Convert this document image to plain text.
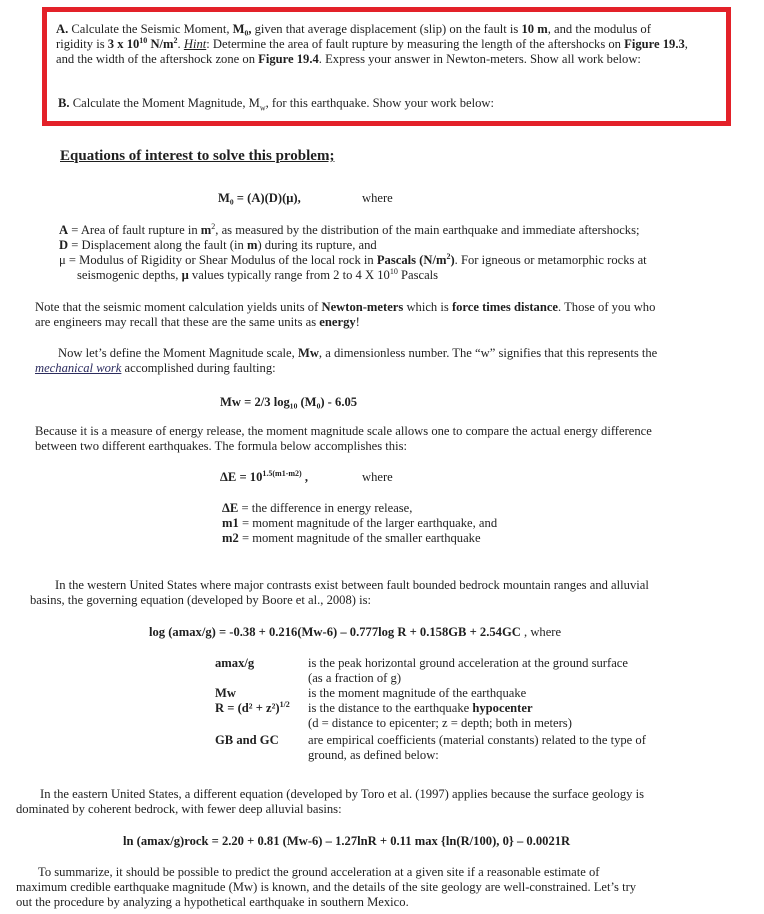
A. Calculate the Seismic Moment, M₀, given that average displacement (slip) on the fault is 10 m, and the modulus of
rigidity is 3 x $10^{10}$ $N/m^2$. Hint: Determine the area of fault rupture by measuring the length of the aftershocks on Figure 19.3,
and the width of the aftershock zone on Figure 19.4. Express your answer in Newton-meters. Show all work below:
B. Calculate the Moment Magnitude, $M_w$, for this earthquake. Show your work below:
Equations of interest to solve this problem;
M₀ = (A)(D)(μ),	where
A = Area of fault rupture in $m^2$, as measured by the distribution of the main earthquake and immediate aftershocks;
D = Displacement along the fault (in m) during its rupture, and
μ = Modulus of Rigidity or Shear Modulus of the local rock in Pascals $(N/m^2)$. For igneous or metamorphic rocks at
seismogenic depths, μ values typically range from 2 to 4 X $10^{10}$ Pascals
Note that the seismic moment calculation yields units of Newton-meters which is force times distance. Those of you who
are engineers may recall that these are the same units as energy!
Now let’s define the Moment Magnitude scale, Mw, a dimensionless number. The “w” signifies that this represents the
mechanical work accomplished during faulting:
Mw = 2/3 log₁₀ (M₀) - 6.05
Because it is a measure of energy release, the moment magnitude scale allows one to compare the actual energy difference
between two different earthquakes. The formula below accomplishes this:
$\Delta E = 10^{1.5(m1-m2)}$ ,	where
ΔE = the difference in energy release,
m1 = moment magnitude of the larger earthquake, and
m2 = moment magnitude of the smaller earthquake
In the western United States where major contrasts exist between fault bounded bedrock mountain ranges and alluvial
basins, the governing equation (developed by Boore et al., 2008) is:
log (amax/g) = -0.38 + 0.216(Mw-6) – 0.777log R + 0.158GB + 2.54GC , where
amax/g	is the peak horizontal ground acceleration at the ground surface
(as a fraction of g)
Mw	is the moment magnitude of the earthquake
$R = (d^2 + z^2)^{1/2}$ is the distance to the earthquake hypocenter
(d = distance to epicenter; z = depth; both in meters)
GB and GC are empirical coefficients (material constants) related to the type of
ground, as defined below:
In the eastern United States, a different equation (developed by Toro et al. (1997) applies because the surface geology is
dominated by coherent bedrock, with fewer deep alluvial basins:
ln (amax/g)rock = 2.20 + 0.81 (Mw-6) – 1.27lnR + 0.11 max {ln(R/100), 0} – 0.0021R
To summarize, it should be possible to predict the ground acceleration at a given site if a reasonable estimate of
maximum credible earthquake magnitude (Mw) is known, and the details of the site geology are well-constrained. Let’s try
out the procedure by analyzing a hypothetical earthquake in southern Mexico.
